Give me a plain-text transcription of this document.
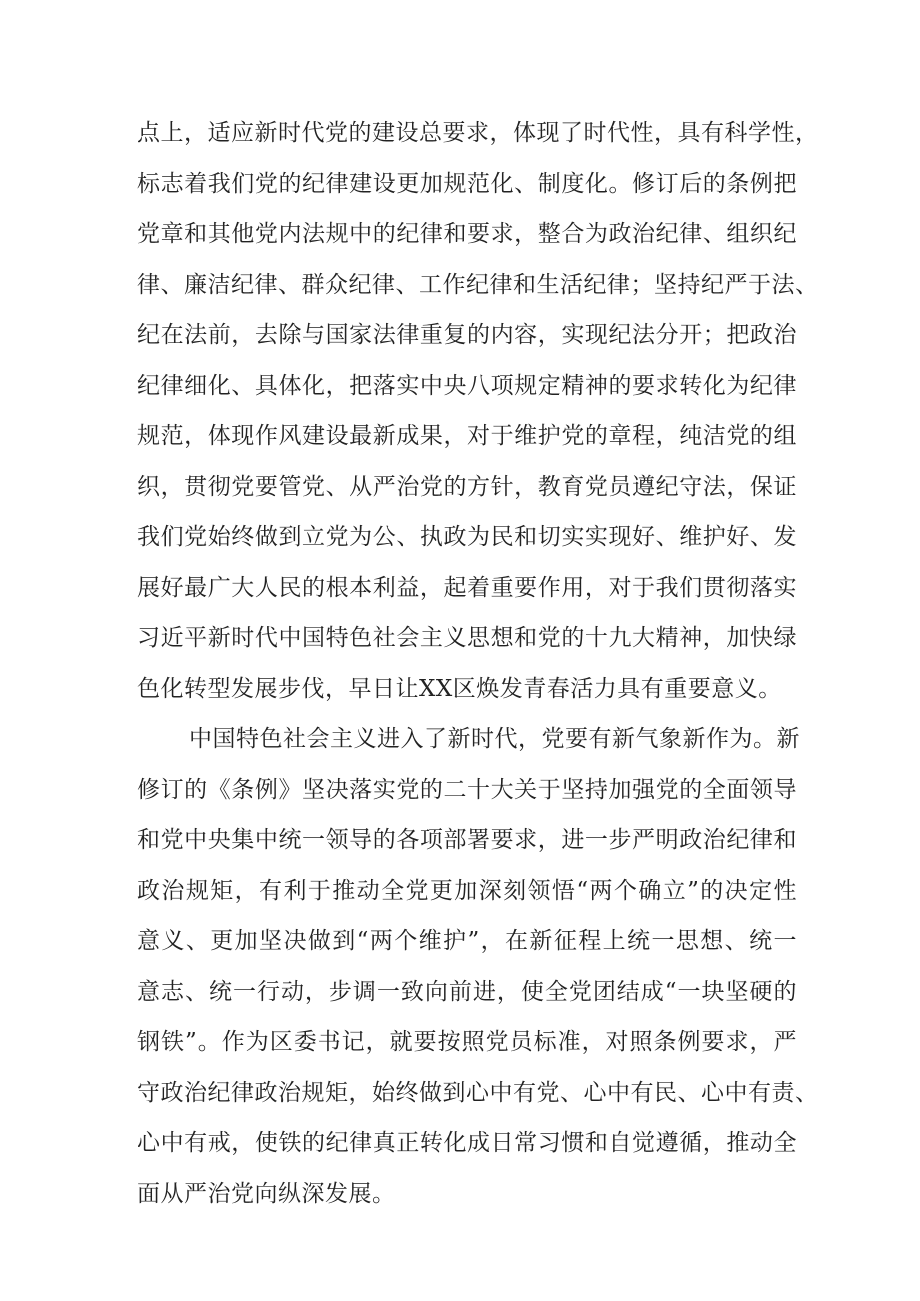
点上，适应新时代党的建设总要求，体现了时代性，具有科学性，
标志着我们党的纪律建设更加规范化、制度化。修订后的条例把
党章和其他党内法规中的纪律和要求，整合为政治纪律、组织纪
律、廉洁纪律、群众纪律、工作纪律和生活纪律；坚持纪严于法、
纪在法前，去除与国家法律重复的内容，实现纪法分开；把政治
纪律细化、具体化，把落实中央八项规定精神的要求转化为纪律
规范，体现作风建设最新成果，对于维护党的章程，纯洁党的组
织，贯彻党要管党、从严治党的方针，教育党员遵纪守法，保证
我们党始终做到立党为公、执政为民和切实实现好、维护好、发
展好最广大人民的根本利益，起着重要作用，对于我们贯彻落实
习近平新时代中国特色社会主义思想和党的十九大精神，加快绿
色化转型发展步伐，早日让XX区焕发青春活力具有重要意义。
中国特色社会主义进入了新时代，党要有新气象新作为。新
修订的《条例》坚决落实党的二十大关于坚持加强党的全面领导
和党中央集中统一领导的各项部署要求，进一步严明政治纪律和
政治规矩，有利于推动全党更加深刻领悟“两个确立”的决定性
意义、更加坚决做到“两个维护”，在新征程上统一思想、统一
意志、统一行动，步调一致向前进，使全党团结成“一块坚硬的
钢铁”。作为区委书记，就要按照党员标准，对照条例要求，严
守政治纪律政治规矩，始终做到心中有党、心中有民、心中有责、
心中有戒，使铁的纪律真正转化成日常习惯和自觉遵循，推动全
面从严治党向纵深发展。
